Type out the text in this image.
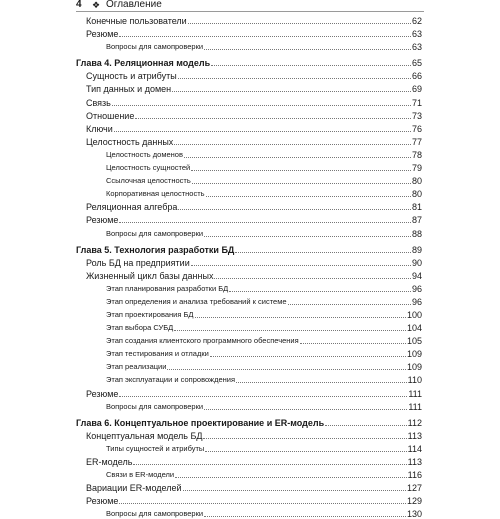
4 ❖ Оглавление
Конечные пользователи	62
Резюме	63
Вопросы для самопроверки	63
Глава 4. Реляционная модель	65
Сущность и атрибуты	66
Тип данных и домен	69
Связь	71
Отношение	73
Ключи	76
Целостность данных	77
Целостность доменов	78
Целостность сущностей	79
Ссылочная целостность	80
Корпоративная целостность	80
Реляционная алгебра	81
Резюме	87
Вопросы для самопроверки	88
Глава 5. Технология разработки БД	89
Роль БД на предприятии	90
Жизненный цикл базы данных	94
Этап планирования разработки БД	96
Этап определения и анализа требований к системе	96
Этап проектирования БД	100
Этап выбора СУБД	104
Этап создания клиентского программного обеспечения	105
Этап тестирования и отладки	109
Этап реализации	109
Этап эксплуатации и сопровождения	110
Резюме	111
Вопросы для самопроверки	111
Глава 6. Концептуальное проектирование и ER-модель	112
Концептуальная модель БД	113
Типы сущностей и атрибуты	114
ER-модель	113
Связи в ER-модели	116
Вариации ER-моделей	127
Резюме	129
Вопросы для самопроверки	130
